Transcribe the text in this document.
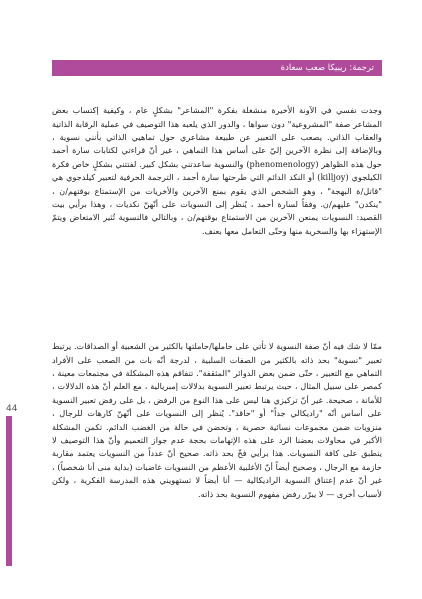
ترجمة: ريبيكا صعب سعادة

وجدت نفسي في الآونة الأخيرة منشغلة بفكرة "المشاعر" بشكلٍ عام ، وكيفية إكتساب بعض المشاعر صفة "المشروعية" دون سواها ، والدور الذي يلعبه هذا التوصيف في عملية الرقابة الذاتية والعقاب الذاتي. يصعب على التعبير عن طبيعة مشاعري حول تماهيي الذاتي بأنني نسوية ، وبالإضافة إلى نظرة الآخرين إليّ على أساس هذا التماهي ، غير أنّ قراءتي لكتابات سارة أحمد حول هذه الظواهر (phenomenology) والنسوية ساعدتني بشكل كبير. لفتتني بشكلٍ خاص فكرة الكيلجوي (killjoy) أو النكد الدائم التي طرحتها سارة أحمد ، الترجمة الحرفية لتعبير كيلدجوي هي "قاتل/ة البهجة" ، وهو الشخص الذي يقوم بمنع الآخرين والأخريات من الإستمتاع بوقتهم/ن ، "ينكدن" عليهم/ن. وفقاً لسارة أحمد ، يُنظر إلى النسويات على أنّهنّ نكديات ، وهذا برأيي بيت القصيد: النسويات يمنعن الآخرين من الاستمتاع بوقتهم/ن ، وبالتالي فالنسوية تُثير الامتعاض ويتمّ الإستهزاء بها والسخرية منها وحتّى التعامل معها بعنف.

ممّا لا شك فيه أنّ صفة النسوية لا تأتي على حاملها/حاملتها بالكثير من الشعبية أو الصداقات. يرتبط تعبير "نسوية" بحد ذاته بالكثير من الصفات السلبية ، لدرجة أنّه بات من الصعب على الأفراد التماهي مع التعبير ، حتّى ضمن بعض الدوائر "المثقفة". تتفاقم هذه المشكلة في مجتمعات معينة ، كمصر على سبيل المثال ، حيث يرتبط تعبير النسوية بدلالات إمبريالية ، مع العلم أنّ هذه الدلالات ، للأمانة ، صحيحة. غير أنّ تركيزي هنا ليس على هذا النوع من الرفض ، بل على رفض تعبير النسوية على أساس أنّه "راديكالي جداً" أو "حاقد". يُنظر إلى النسويات على أنّهنّ كارهات للرجال ، منزويات ضمن مجموعات نسائية حصرية ، وتحضن في حالة من الغضب الدائم. تكمن المشكلة الأكبر في محاولات بعضنا الرد على هذه الإتهامات بحجة عدم جواز التعميم وأنّ هذا التوصيف لا ينطبق على كافة النسويات. هذا برأيي فخّ بحد ذاته. صحيح أنّ عدداً من النسويات يعتمد مقاربة حازمة مع الرجال ، وصحيح أيضاً أنّ الأغلبية الأعظم من النسويات غاضبات (بداية منى أنا شخصياً) ، غير أنّ عدم إعتناق النسوية الراديكالية — أنا أيضاً لا تستهويني هذه المدرسة الفكرية ، ولكن لأسباب أخرى — لا يبرّر رفض مفهوم النسوية بحد ذاته.

44
